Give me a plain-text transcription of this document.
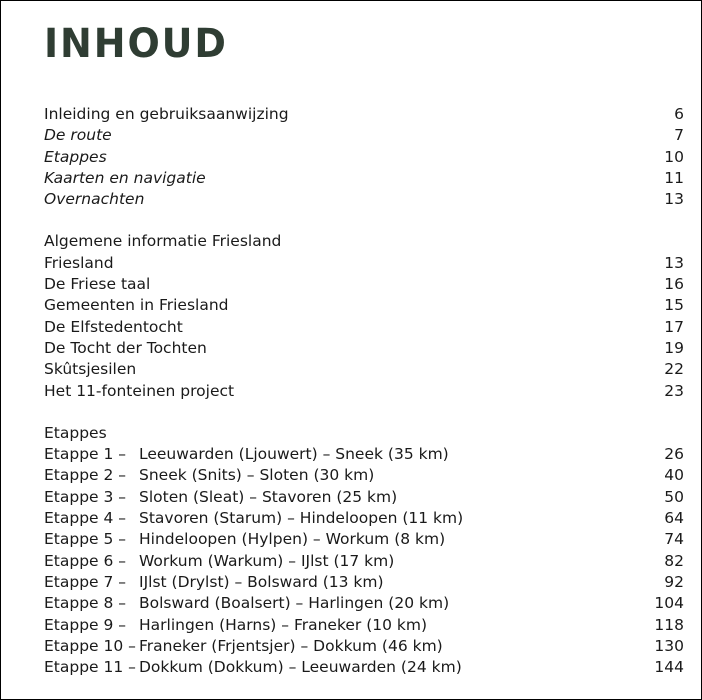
INHOUD
Inleiding en gebruiksaanwijzing	6
De route	7
Etappes	10
Kaarten en navigatie	11
Overnachten	13
Algemene informatie Friesland
Friesland	13
De Friese taal	16
Gemeenten in Friesland	15
De Elfstedentocht	17
De Tocht der Tochten	19
Skûtsjesilen	22
Het 11-fonteinen project	23
Etappes
Etappe 1 – Leeuwarden (Ljouwert) – Sneek (35 km)	26
Etappe 2 – Sneek (Snits) – Sloten (30 km)	40
Etappe 3 – Sloten (Sleat) – Stavoren (25 km)	50
Etappe 4 – Stavoren (Starum) – Hindeloopen (11 km)	64
Etappe 5 – Hindeloopen (Hylpen) – Workum (8 km)	74
Etappe 6 – Workum (Warkum) – IJlst (17 km)	82
Etappe 7 – IJlst (Drylst) – Bolsward (13 km)	92
Etappe 8 – Bolsward (Boalsert) – Harlingen (20 km)	104
Etappe 9 – Harlingen (Harns) – Franeker (10 km)	118
Etappe 10 – Franeker (Frjentsjer) – Dokkum (46 km)	130
Etappe 11 – Dokkum (Dokkum) – Leeuwarden (24 km)	144
